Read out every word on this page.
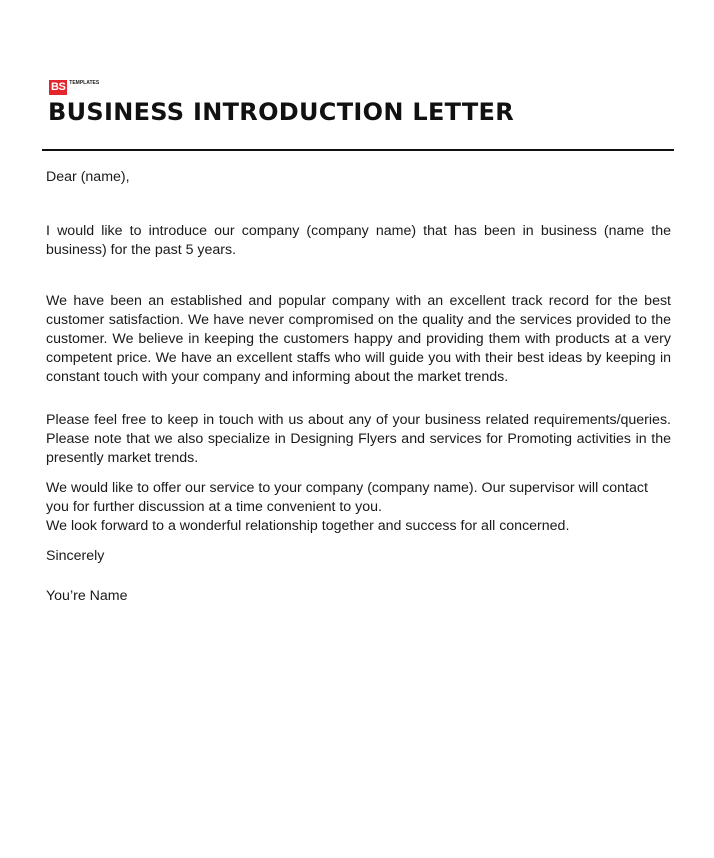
BS TEMPLATES
BUSINESS INTRODUCTION LETTER

Dear (name),

I would like to introduce our company (company name) that has been in business (name the business) for the past 5 years.

We have been an established and popular company with an excellent track record for the best customer satisfaction. We have never compromised on the quality and the services provided to the customer. We believe in keeping the customers happy and providing them with products at a very competent price. We have an excellent staffs who will guide you with their best ideas by keeping in constant touch with your company and informing about the market trends.

Please feel free to keep in touch with us about any of your business related requirements/queries. Please note that we also specialize in Designing Flyers and services for Promoting activities in the presently market trends.

We would like to offer our service to your company (company name). Our supervisor will contact you for further discussion at a time convenient to you.

We look forward to a wonderful relationship together and success for all concerned.

Sincerely

You’re Name
